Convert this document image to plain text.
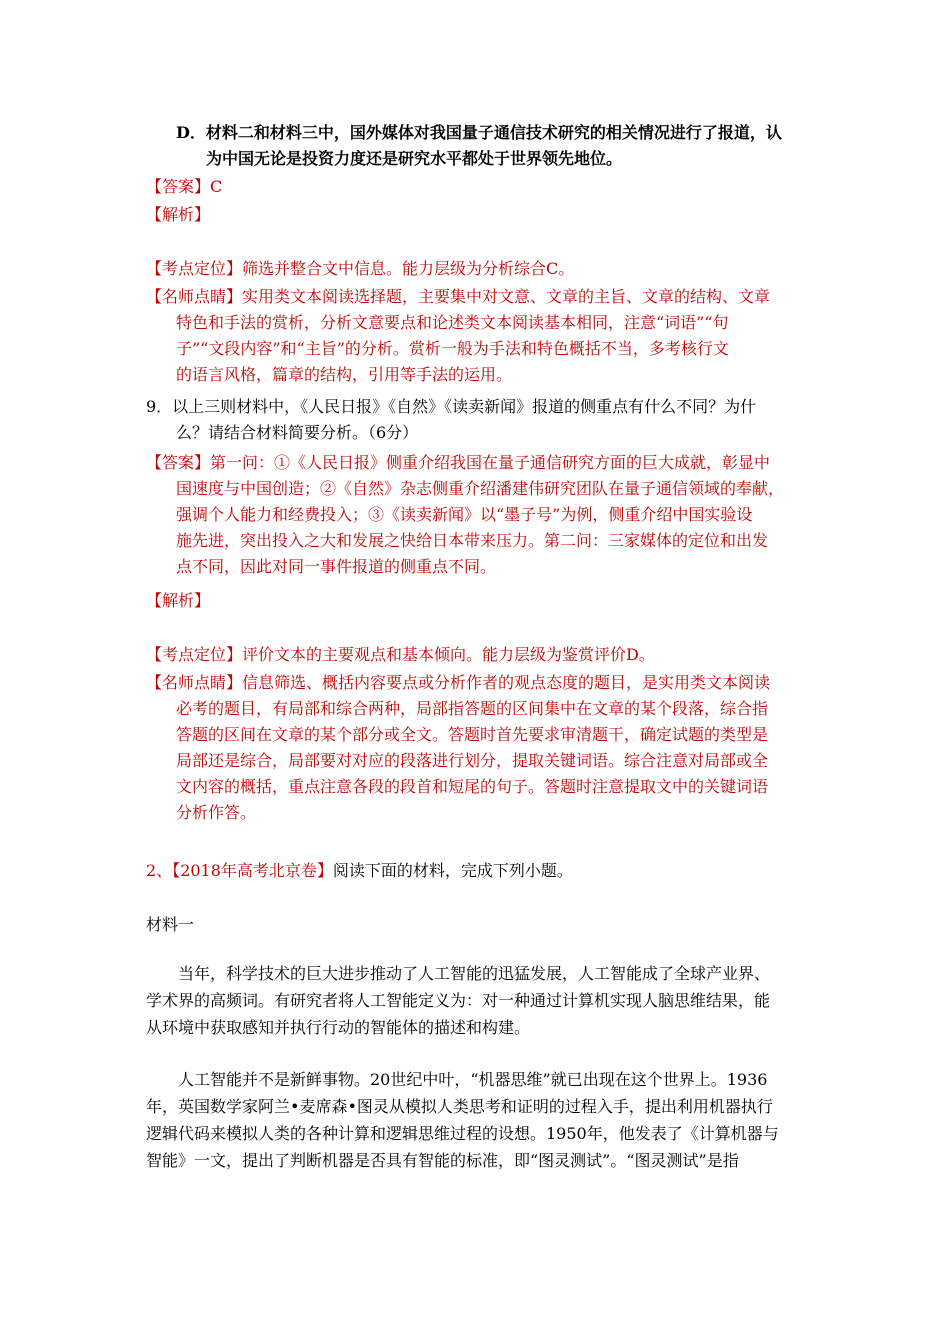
D．材料二和材料三中，国外媒体对我国量子通信技术研究的相关情况进行了报道，认
为中国无论是投资力度还是研究水平都处于世界领先地位。
【答案】C
【解析】
【考点定位】筛选并整合文中信息。能力层级为分析综合C。
【名师点睛】实用类文本阅读选择题，主要集中对文意、文章的主旨、文章的结构、文章
特色和手法的赏析，分析文意要点和论述类文本阅读基本相同，注意“词语”“句
子”“文段内容”和“主旨”的分析。赏析一般为手法和特色概括不当，多考核行文
的语言风格，篇章的结构，引用等手法的运用。
9．以上三则材料中，《人民日报》《自然》《读卖新闻》报道的侧重点有什么不同？为什
么？请结合材料简要分析。（6分）
【答案】第一问：①《人民日报》侧重介绍我国在量子通信研究方面的巨大成就，彰显中
国速度与中国创造；②《自然》杂志侧重介绍潘建伟研究团队在量子通信领域的奉献，
强调个人能力和经费投入；③《读卖新闻》以“墨子号”为例，侧重介绍中国实验设
施先进，突出投入之大和发展之快给日本带来压力。第二问：三家媒体的定位和出发
点不同，因此对同一事件报道的侧重点不同。
【解析】
【考点定位】评价文本的主要观点和基本倾向。能力层级为鉴赏评价D。
【名师点睛】信息筛选、概括内容要点或分析作者的观点态度的题目，是实用类文本阅读
必考的题目，有局部和综合两种，局部指答题的区间集中在文章的某个段落，综合指
答题的区间在文章的某个部分或全文。答题时首先要求审清题干，确定试题的类型是
局部还是综合，局部要对对应的段落进行划分，提取关键词语。综合注意对局部或全
文内容的概括，重点注意各段的段首和短尾的句子。答题时注意提取文中的关键词语
分析作答。
2、【2018年高考北京卷】阅读下面的材料，完成下列小题。
材料一
当年，科学技术的巨大进步推动了人工智能的迅猛发展，人工智能成了全球产业界、
学术界的高频词。有研究者将人工智能定义为：对一种通过计算机实现人脑思维结果，能
从环境中获取感知并执行行动的智能体的描述和构建。
人工智能并不是新鲜事物。20世纪中叶，“机器思维”就已出现在这个世界上。1936
年，英国数学家阿兰•麦席森•图灵从模拟人类思考和证明的过程入手，提出利用机器执行
逻辑代码来模拟人类的各种计算和逻辑思维过程的设想。1950年，他发表了《计算机器与
智能》一文，提出了判断机器是否具有智能的标准，即“图灵测试”。“图灵测试”是指
